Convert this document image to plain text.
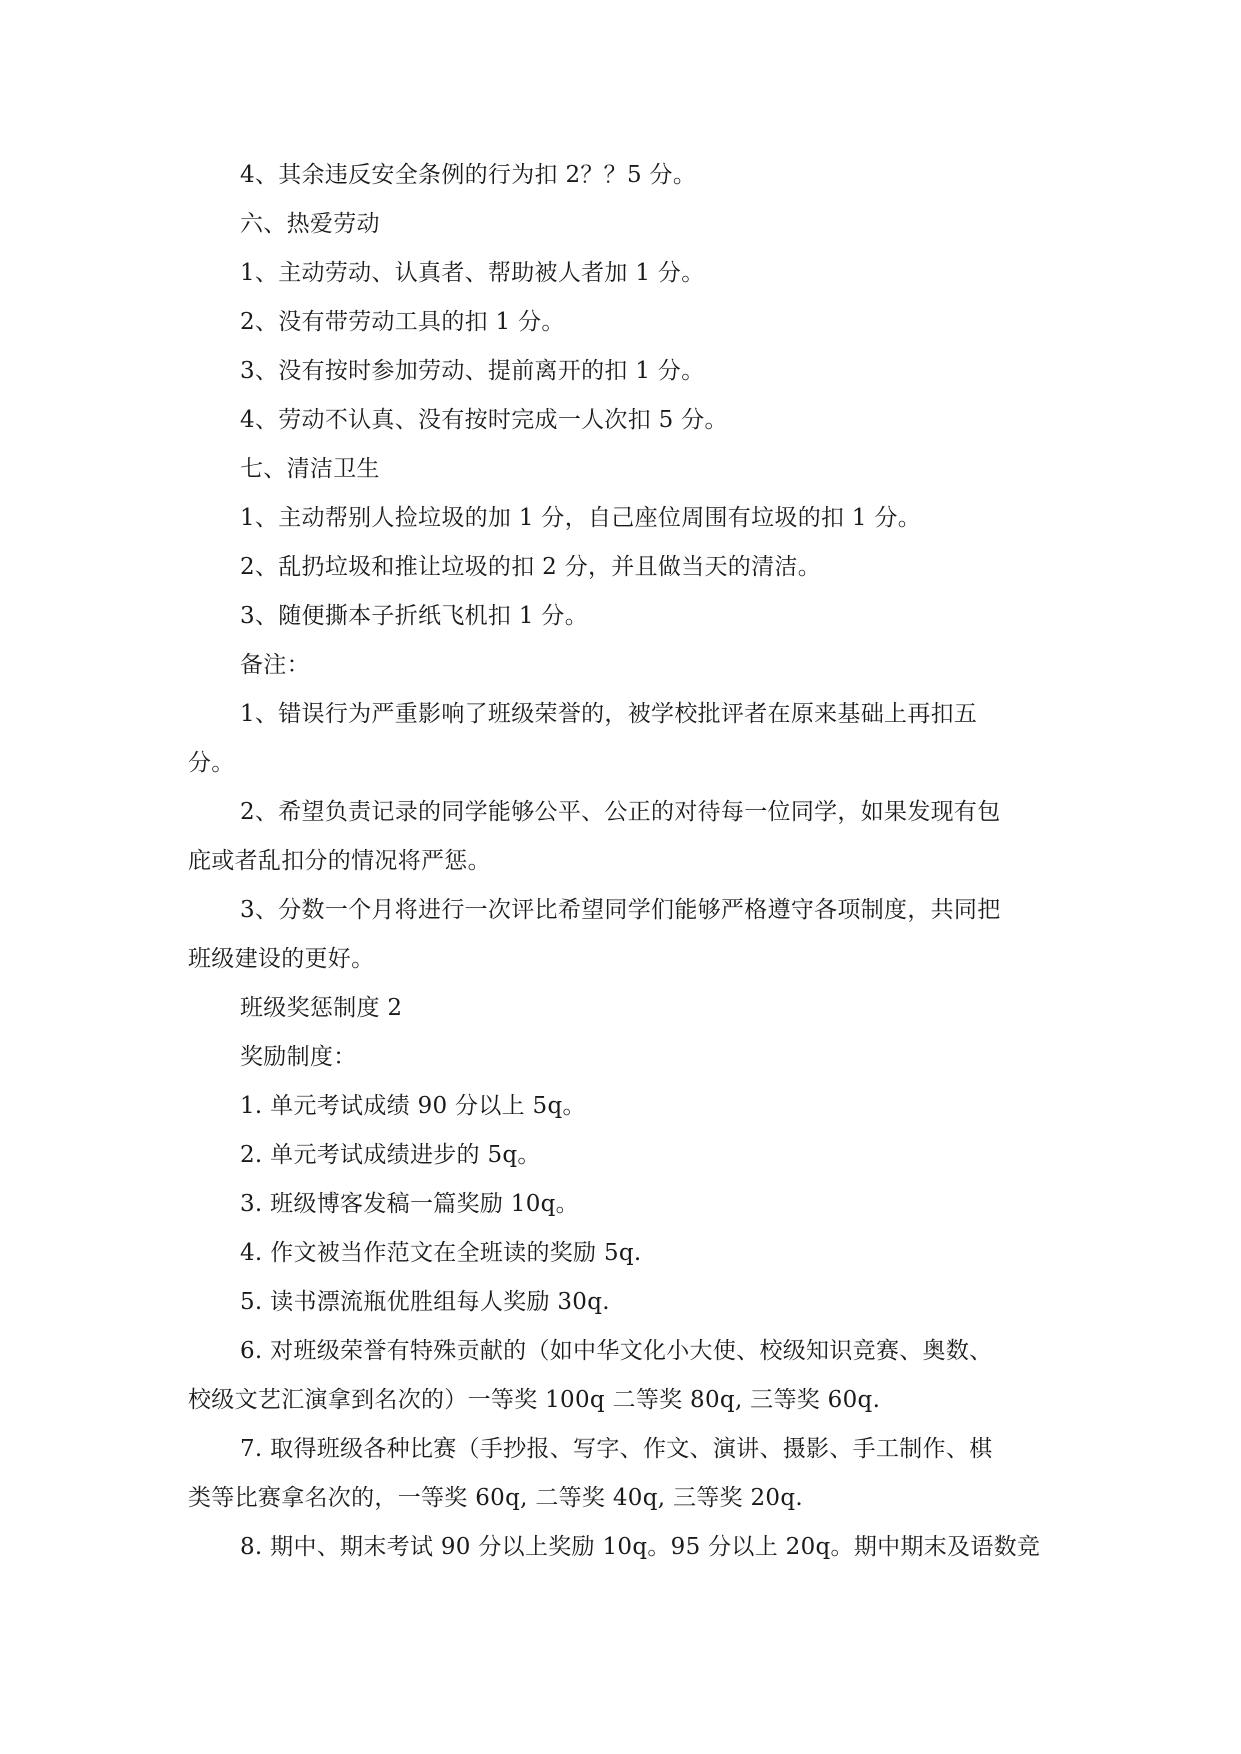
4、其余违反安全条例的行为扣 2？？5 分。
六、热爱劳动
1、主动劳动、认真者、帮助被人者加 1 分。
2、没有带劳动工具的扣 1 分。
3、没有按时参加劳动、提前离开的扣 1 分。
4、劳动不认真、没有按时完成一人次扣 5 分。
七、清洁卫生
1、主动帮别人捡垃圾的加 1 分，自己座位周围有垃圾的扣 1 分。
2、乱扔垃圾和推让垃圾的扣 2 分，并且做当天的清洁。
3、随便撕本子折纸飞机扣 1 分。
备注：
1、错误行为严重影响了班级荣誉的，被学校批评者在原来基础上再扣五
分。
2、希望负责记录的同学能够公平、公正的对待每一位同学，如果发现有包
庇或者乱扣分的情况将严惩。
3、分数一个月将进行一次评比希望同学们能够严格遵守各项制度，共同把
班级建设的更好。
班级奖惩制度 2
奖励制度：
1. 单元考试成绩 90 分以上 5q。
2. 单元考试成绩进步的 5q。
3. 班级博客发稿一篇奖励 10q。
4. 作文被当作范文在全班读的奖励 5q.
5. 读书漂流瓶优胜组每人奖励 30q.
6. 对班级荣誉有特殊贡献的（如中华文化小大使、校级知识竞赛、奥数、
校级文艺汇演拿到名次的）一等奖 100q 二等奖 80q, 三等奖 60q.
7. 取得班级各种比赛（手抄报、写字、作文、演讲、摄影、手工制作、棋
类等比赛拿名次的，一等奖 60q, 二等奖 40q, 三等奖 20q.
8. 期中、期末考试 90 分以上奖励 10q。95 分以上 20q。期中期末及语数竞
